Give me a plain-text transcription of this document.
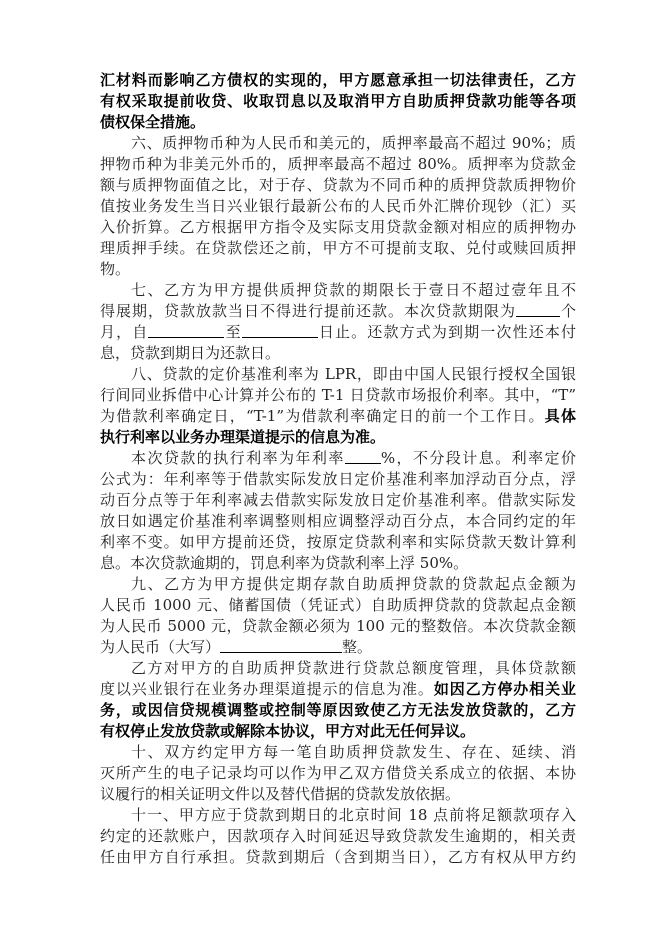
汇材料而影响乙方债权的实现的，甲方愿意承担一切法律责任，乙方
有权采取提前收贷、收取罚息以及取消甲方自助质押贷款功能等各项
债权保全措施。
六、质押物币种为人民币和美元的，质押率最高不超过 90%；质
押物币种为非美元外币的，质押率最高不超过 80%。质押率为贷款金
额与质押物面值之比，对于存、贷款为不同币种的质押贷款质押物价
值按业务发生当日兴业银行最新公布的人民币外汇牌价现钞（汇）买
入价折算。乙方根据甲方指令及实际支用贷款金额对相应的质押物办
理质押手续。在贷款偿还之前，甲方不可提前支取、兑付或赎回质押
物。
七、乙方为甲方提供质押贷款的期限长于壹日不超过壹年且不
得展期，贷款放款当日不得进行提前还款。本次贷款期限为	个
月，自	至	日止。还款方式为到期一次性还本付
息，贷款到期日为还款日。
八、贷款的定价基准利率为 LPR，即由中国人民银行授权全国银
行间同业拆借中心计算并公布的 T-1 日贷款市场报价利率。其中，“T”
为借款利率确定日，“T-1”为借款利率确定日的前一个工作日。具体
执行利率以业务办理渠道提示的信息为准。
本次贷款的执行利率为年利率 %，不分段计息。利率定价
公式为：年利率等于借款实际发放日定价基准利率加浮动百分点，浮
动百分点等于年利率减去借款实际发放日定价基准利率。借款实际发
放日如遇定价基准利率调整则相应调整浮动百分点，本合同约定的年
利率不变。如甲方提前还贷，按原定贷款利率和实际贷款天数计算利
息。本次贷款逾期的，罚息利率为贷款利率上浮 50%。
九、乙方为甲方提供定期存款自助质押贷款的贷款起点金额为
人民币 1000 元、储蓄国债（凭证式）自助质押贷款的贷款起点金额
为人民币 5000 元，贷款金额必须为 100 元的整数倍。本次贷款金额
为人民币（大写）	整。
乙方对甲方的自助质押贷款进行贷款总额度管理，具体贷款额
度以兴业银行在业务办理渠道提示的信息为准。如因乙方停办相关业
务，或因信贷规模调整或控制等原因致使乙方无法发放贷款的，乙方
有权停止发放贷款或解除本协议，甲方对此无任何异议。
十、双方约定甲方每一笔自助质押贷款发生、存在、延续、消
灭所产生的电子记录均可以作为甲乙双方借贷关系成立的依据、本协
议履行的相关证明文件以及替代借据的贷款发放依据。
十一、甲方应于贷款到期日的北京时间 18 点前将足额款项存入
约定的还款账户，因款项存入时间延迟导致贷款发生逾期的，相关责
任由甲方自行承担。贷款到期后（含到期当日），乙方有权从甲方约
